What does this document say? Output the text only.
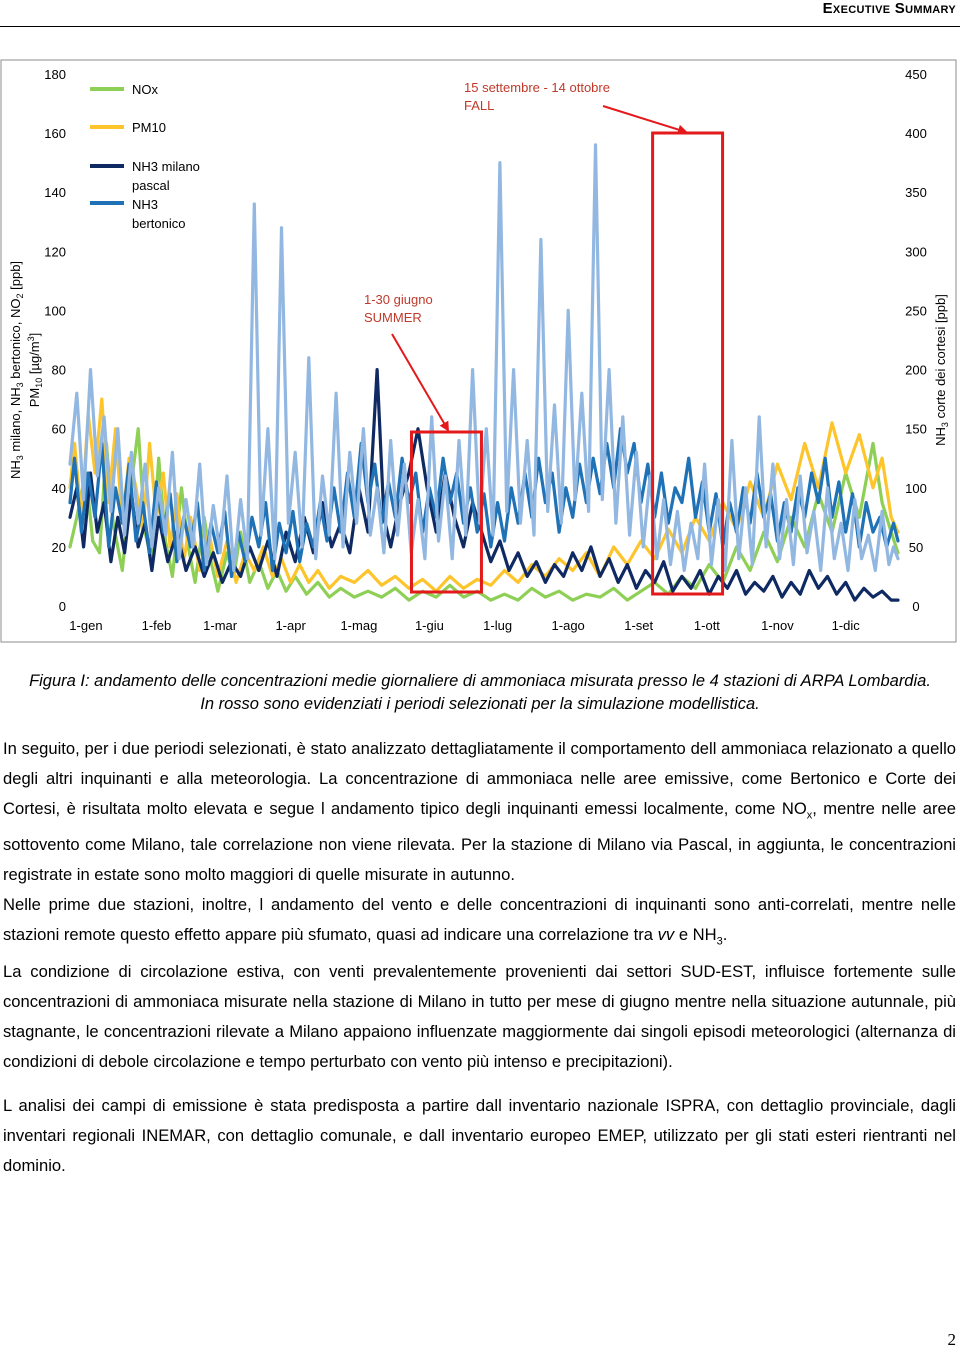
Executive Summary
0
20
40
60
80
100
120
140
160
180
0
50
100
150
200
250
300
350
400
450
1-gen	1-feb 1-mar	1-apr	1-mag	1-giu	1-lug	1-ago	1-set	1-ott	1-nov	1-dic
$NH_3$ milano, $NH_3$ bertonico, $NO_2$ [ppb]
$PM_{10}$ $[\mu g/m^3]$
$NH_3$ corte dei cortesi [ppb]
NOx
PM10
NH3 milano
pascal
NH3
bertonico
1-30 giugno
SUMMER
15 settembre - 14 ottobre
FALL
Figura I: andamento delle concentrazioni medie giornaliere di ammoniaca misurata presso le 4 stazioni di ARPA Lombardia.
In rosso sono evidenziati i periodi selezionati per la simulazione modellistica.

In seguito, per i due periodi selezionati, è stato analizzato dettagliatamente il comportamento dell ammoniaca relazionato a quello degli altri inquinanti e alla meteorologia. La concentrazione di ammoniaca nelle aree emissive, come Bertonico e Corte dei Cortesi, è risultata molto elevata e segue l andamento tipico degli inquinanti emessi localmente, come $NO_x$, mentre nelle aree sottovento come Milano, tale correlazione non viene rilevata. Per la stazione di Milano via Pascal, in aggiunta, le concentrazioni registrate in estate sono molto maggiori di quelle misurate in autunno.

Nelle prime due stazioni, inoltre, l andamento del vento e delle concentrazioni di inquinanti sono anti-correlati, mentre nelle stazioni remote questo effetto appare più sfumato, quasi ad indicare una correlazione tra vv e $NH_3$.

La condizione di circolazione estiva, con venti prevalentemente provenienti dai settori SUD-EST, influisce fortemente sulle concentrazioni di ammoniaca misurate nella stazione di Milano in tutto per mese di giugno mentre nella situazione autunnale, più stagnante, le concentrazioni rilevate a Milano appaiono influenzate maggiormente dai singoli episodi meteorologici (alternanza di condizioni di debole circolazione e tempo perturbato con vento più intenso e precipitazioni).

L analisi dei campi di emissione è stata predisposta a partire dall inventario nazionale ISPRA, con dettaglio provinciale, dagli inventari regionali INEMAR, con dettaglio comunale, e dall inventario europeo EMEP, utilizzato per gli stati esteri rientranti nel dominio.

2
